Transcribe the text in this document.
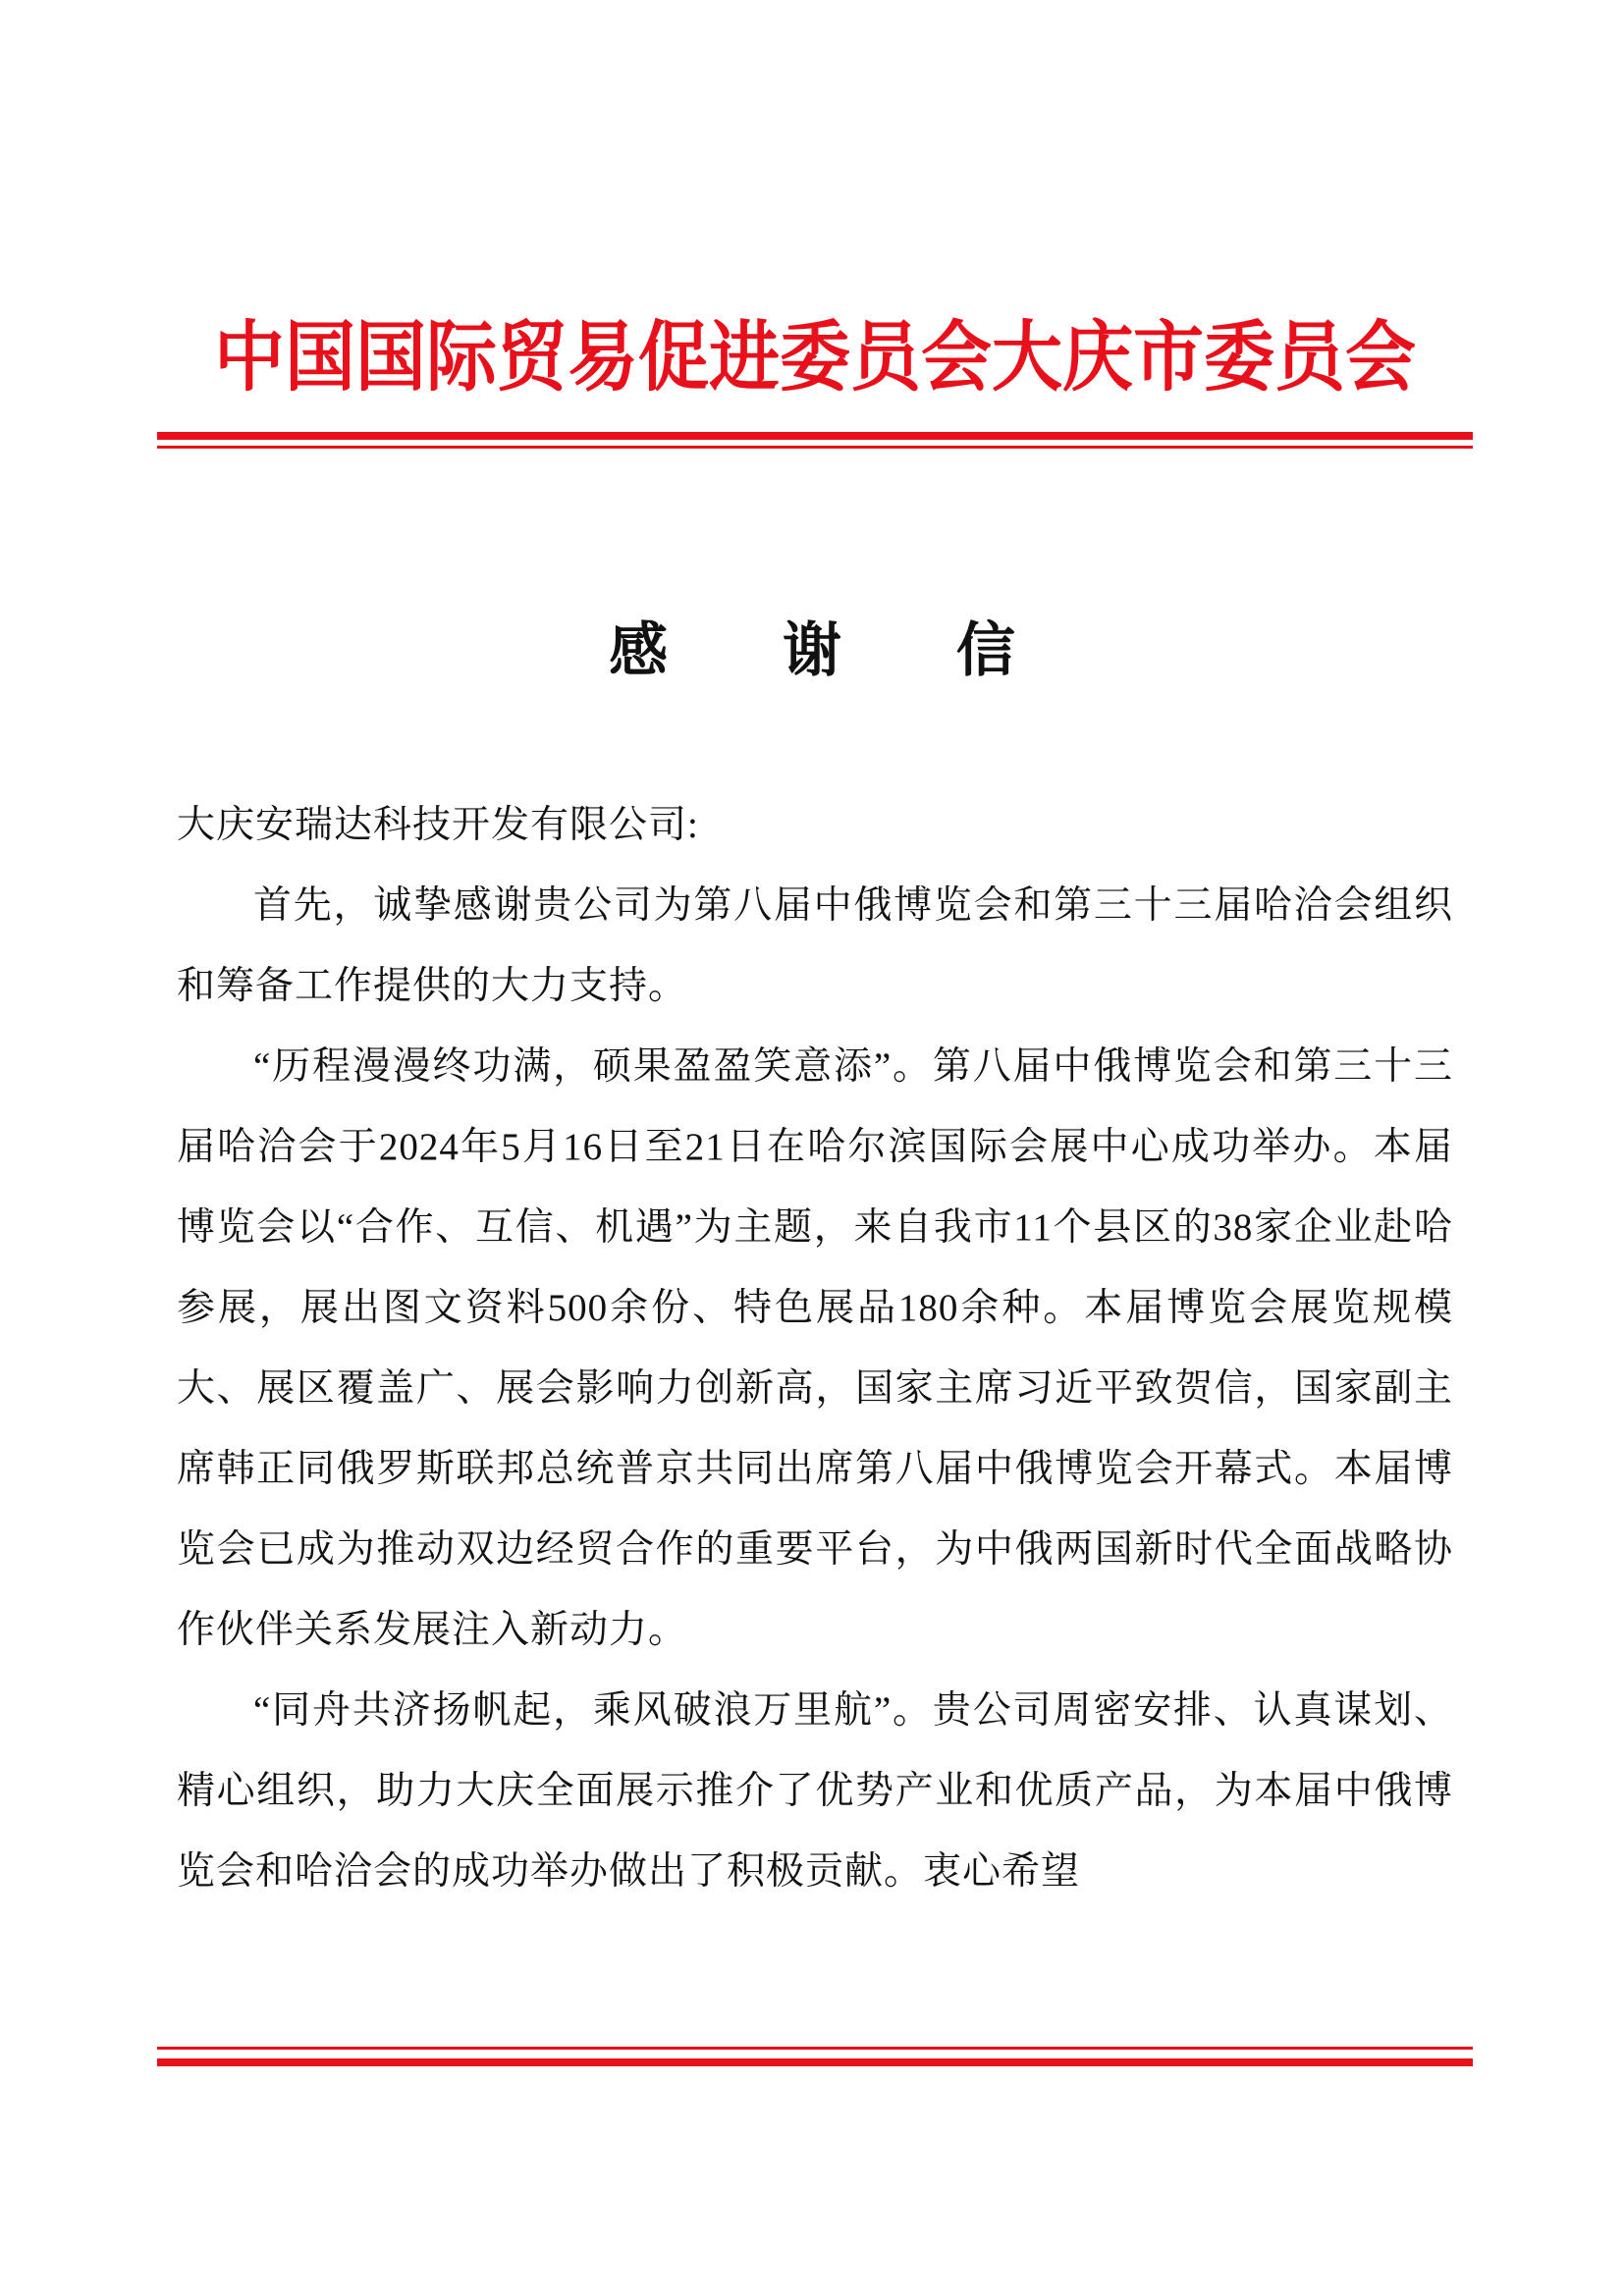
中国国际贸易促进委员会大庆市委员会
感 谢 信

大庆安瑞达科技开发有限公司:

首先，诚挚感谢贵公司为第八届中俄博览会和第三十三届哈洽会组织和筹备工作提供的大力支持。

“历程漫漫终功满，硕果盈盈笑意添”。第八届中俄博览会和第三十三届哈洽会于2024年5月16日至21日在哈尔滨国际会展中心成功举办。本届博览会以“合作、互信、机遇”为主题，来自我市11个县区的38家企业赴哈参展，展出图文资料500余份、特色展品180余种。本届博览会展览规模大、展区覆盖广、展会影响力创新高，国家主席习近平致贺信，国家副主席韩正同俄罗斯联邦总统普京共同出席第八届中俄博览会开幕式。本届博览会已成为推动双边经贸合作的重要平台，为中俄两国新时代全面战略协作伙伴关系发展注入新动力。

“同舟共济扬帆起，乘风破浪万里航”。贵公司周密安排、认真谋划、精心组织，助力大庆全面展示推介了优势产业和优质产品，为本届中俄博览会和哈洽会的成功举办做出了积极贡献。衷心希望
